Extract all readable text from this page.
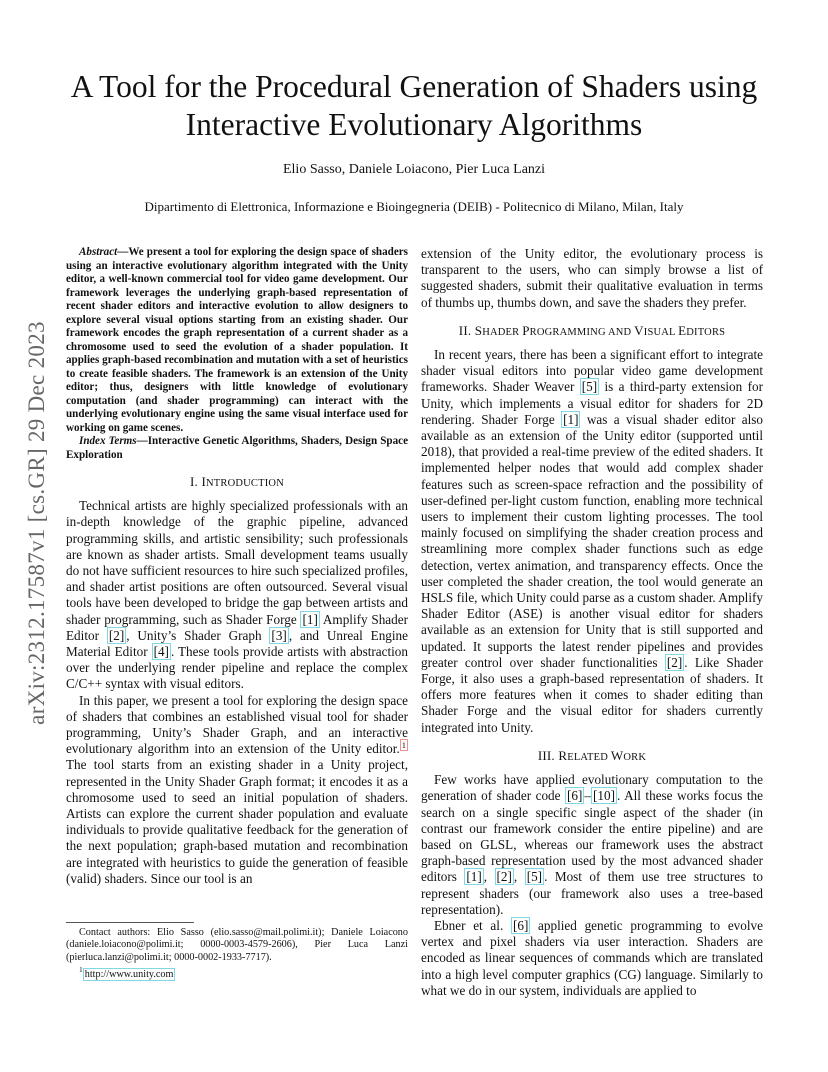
A Tool for the Procedural Generation of Shaders using Interactive Evolutionary Algorithms
Elio Sasso, Daniele Loiacono, Pier Luca Lanzi
Dipartimento di Elettronica, Informazione e Bioingegneria (DEIB) - Politecnico di Milano, Milan, Italy
arXiv:2312.17587v1 [cs.GR] 29 Dec 2023

Abstract—We present a tool for exploring the design space of shaders using an interactive evolutionary algorithm integrated with the Unity editor, a well-known commercial tool for video game development. Our framework leverages the underlying graph-based representation of recent shader editors and interactive evolution to allow designers to explore several visual options starting from an existing shader. Our framework encodes the graph representation of a current shader as a chromosome used to seed the evolution of a shader population. It applies graph-based recombination and mutation with a set of heuristics to create feasible shaders. The framework is an extension of the Unity editor; thus, designers with little knowledge of evolutionary computation (and shader programming) can interact with the underlying evolutionary engine using the same visual interface used for working on game scenes.

Index Terms—Interactive Genetic Algorithms, Shaders, Design Space Exploration

I. INTRODUCTION

Technical artists are highly specialized professionals with an in-depth knowledge of the graphic pipeline, advanced programming skills, and artistic sensibility; such professionals are known as shader artists. Small development teams usually do not have sufficient resources to hire such specialized profiles, and shader artist positions are often outsourced. Several visual tools have been developed to bridge the gap between artists and shader programming, such as Shader Forge [1] Amplify Shader Editor [2] , Unity’s Shader Graph [3] , and Unreal Engine Material Editor [4] . These tools provide artists with abstraction over the underlying render pipeline and replace the complex C/C++ syntax with visual editors.

In this paper, we present a tool for exploring the design space of shaders that combines an established visual tool for shader programming, Unity’s Shader Graph, and an interactive evolutionary algorithm into an extension of the Unity editor. $^1$ The tool starts from an existing shader in a Unity project, represented in the Unity Shader Graph format; it encodes it as a chromosome used to seed an initial population of shaders. Artists can explore the current shader population and evaluate individuals to provide qualitative feedback for the generation of the next population; graph-based mutation and recombination are integrated with heuristics to guide the generation of feasible (valid) shaders. Since our tool is an

extension of the Unity editor, the evolutionary process is transparent to the users, who can simply browse a list of suggested shaders, submit their qualitative evaluation in terms of thumbs up, thumbs down, and save the shaders they prefer.

II. SHADER PROGRAMMING AND VISUAL EDITORS

In recent years, there has been a significant effort to integrate shader visual editors into popular video game development frameworks. Shader Weaver [5] is a third-party extension for Unity, which implements a visual editor for shaders for 2D rendering. Shader Forge [1] was a visual shader editor also available as an extension of the Unity editor (supported until 2018), that provided a real-time preview of the edited shaders. It implemented helper nodes that would add complex shader features such as screen-space refraction and the possibility of user-defined per-light custom function, enabling more technical users to implement their custom lighting processes. The tool mainly focused on simplifying the shader creation process and streamlining more complex shader functions such as edge detection, vertex animation, and transparency effects. Once the user completed the shader creation, the tool would generate an HSLS file, which Unity could parse as a custom shader. Amplify Shader Editor (ASE) is another visual editor for shaders available as an extension for Unity that is still supported and updated. It supports the latest render pipelines and provides greater control over shader functionalities [2] . Like Shader Forge, it also uses a graph-based representation of shaders. It offers more features when it comes to shader editing than Shader Forge and the visual editor for shaders currently integrated into Unity.

III. RELATED WORK

Few works have applied evolutionary computation to the generation of shader code [6] – [10] . All these works focus the search on a single specific single aspect of the shader (in contrast our framework consider the entire pipeline) and are based on GLSL, whereas our framework uses the abstract graph-based representation used by the most advanced shader editors [1] , [2] , [5] . Most of them use tree structures to represent shaders (our framework also uses a tree-based representation).

Ebner et al. [6] applied genetic programming to evolve vertex and pixel shaders via user interaction. Shaders are encoded as linear sequences of commands which are translated into a high level computer graphics (CG) language. Similarly to what we do in our system, individuals are applied to

Contact authors: Elio Sasso (elio.sasso@mail.polimi.it); Daniele Loiacono (daniele.loiacono@polimi.it; 0000-0003-4579-2606), Pier Luca Lanzi (pierluca.lanzi@polimi.it; 0000-0002-1933-7717).

$^1$ http://www.unity.com
